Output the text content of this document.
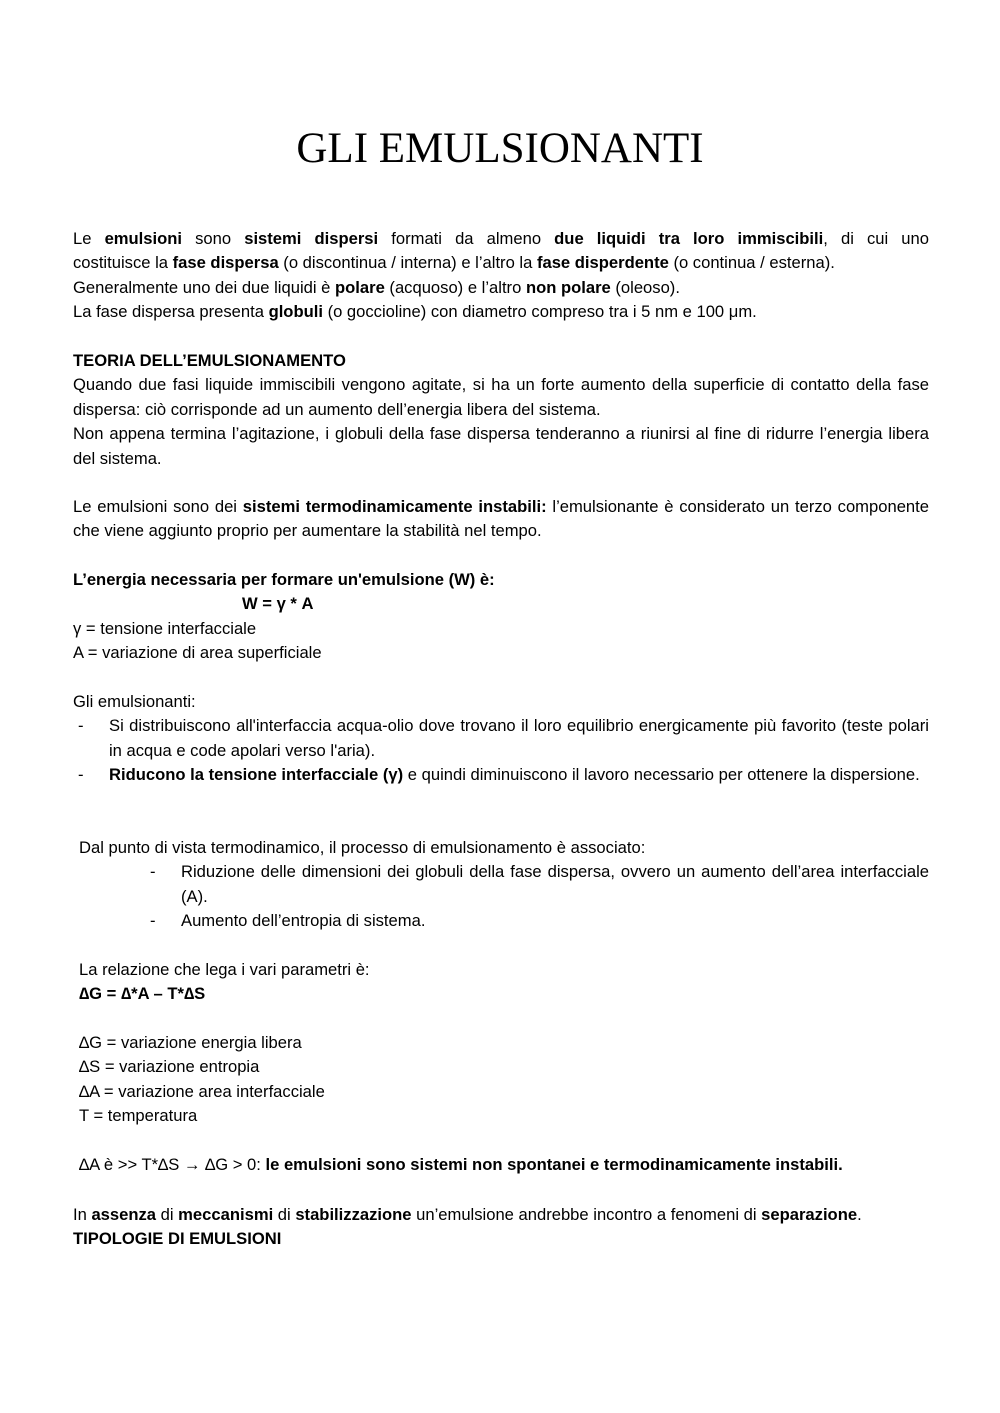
GLI EMULSIONANTI

Le emulsioni sono sistemi dispersi formati da almeno due liquidi tra loro immiscibili, di cui uno

costituisce la fase dispersa (o discontinua / interna) e l’altro la fase disperdente (o continua / esterna).

Generalmente uno dei due liquidi è polare (acquoso) e l’altro non polare (oleoso).

La fase dispersa presenta globuli (o goccioline) con diametro compreso tra i 5 nm e 100 μm.

TEORIA DELL’EMULSIONAMENTO

Quando due fasi liquide immiscibili vengono agitate, si ha un forte aumento della superficie di contatto della fase dispersa: ciò corrisponde ad un aumento dell’energia libera del sistema.

Non appena termina l’agitazione, i globuli della fase dispersa tenderanno a riunirsi al fine di ridurre l’energia libera del sistema.

Le emulsioni sono dei sistemi termodinamicamente instabili: l’emulsionante è considerato un terzo componente che viene aggiunto proprio per aumentare la stabilità nel tempo.

L’energia necessaria per formare un'emulsione (W) è:

W = γ * A

γ = tensione interfacciale

A = variazione di area superficiale

Gli emulsionanti:

- Si distribuiscono all'interfaccia acqua-olio dove trovano il loro equilibrio energicamente più favorito (teste polari in acqua e code apolari verso l'aria).
- Riducono la tensione interfacciale (γ) e quindi diminuiscono il lavoro necessario per ottenere la dispersione.

Dal punto di vista termodinamico, il processo di emulsionamento è associato:

- Riduzione delle dimensioni dei globuli della fase dispersa, ovvero un aumento dell’area interfacciale (A).
- Aumento dell’entropia di sistema.

La relazione che lega i vari parametri è:

∆G = ∆*A – T*∆S

∆G = variazione energia libera

∆S = variazione entropia

∆A = variazione area interfacciale

T = temperatura

∆A è >> T*∆S → ∆G > 0: le emulsioni sono sistemi non spontanei e termodinamicamente instabili.

In assenza di meccanismi di stabilizzazione un’emulsione andrebbe incontro a fenomeni di separazione.

TIPOLOGIE DI EMULSIONI
